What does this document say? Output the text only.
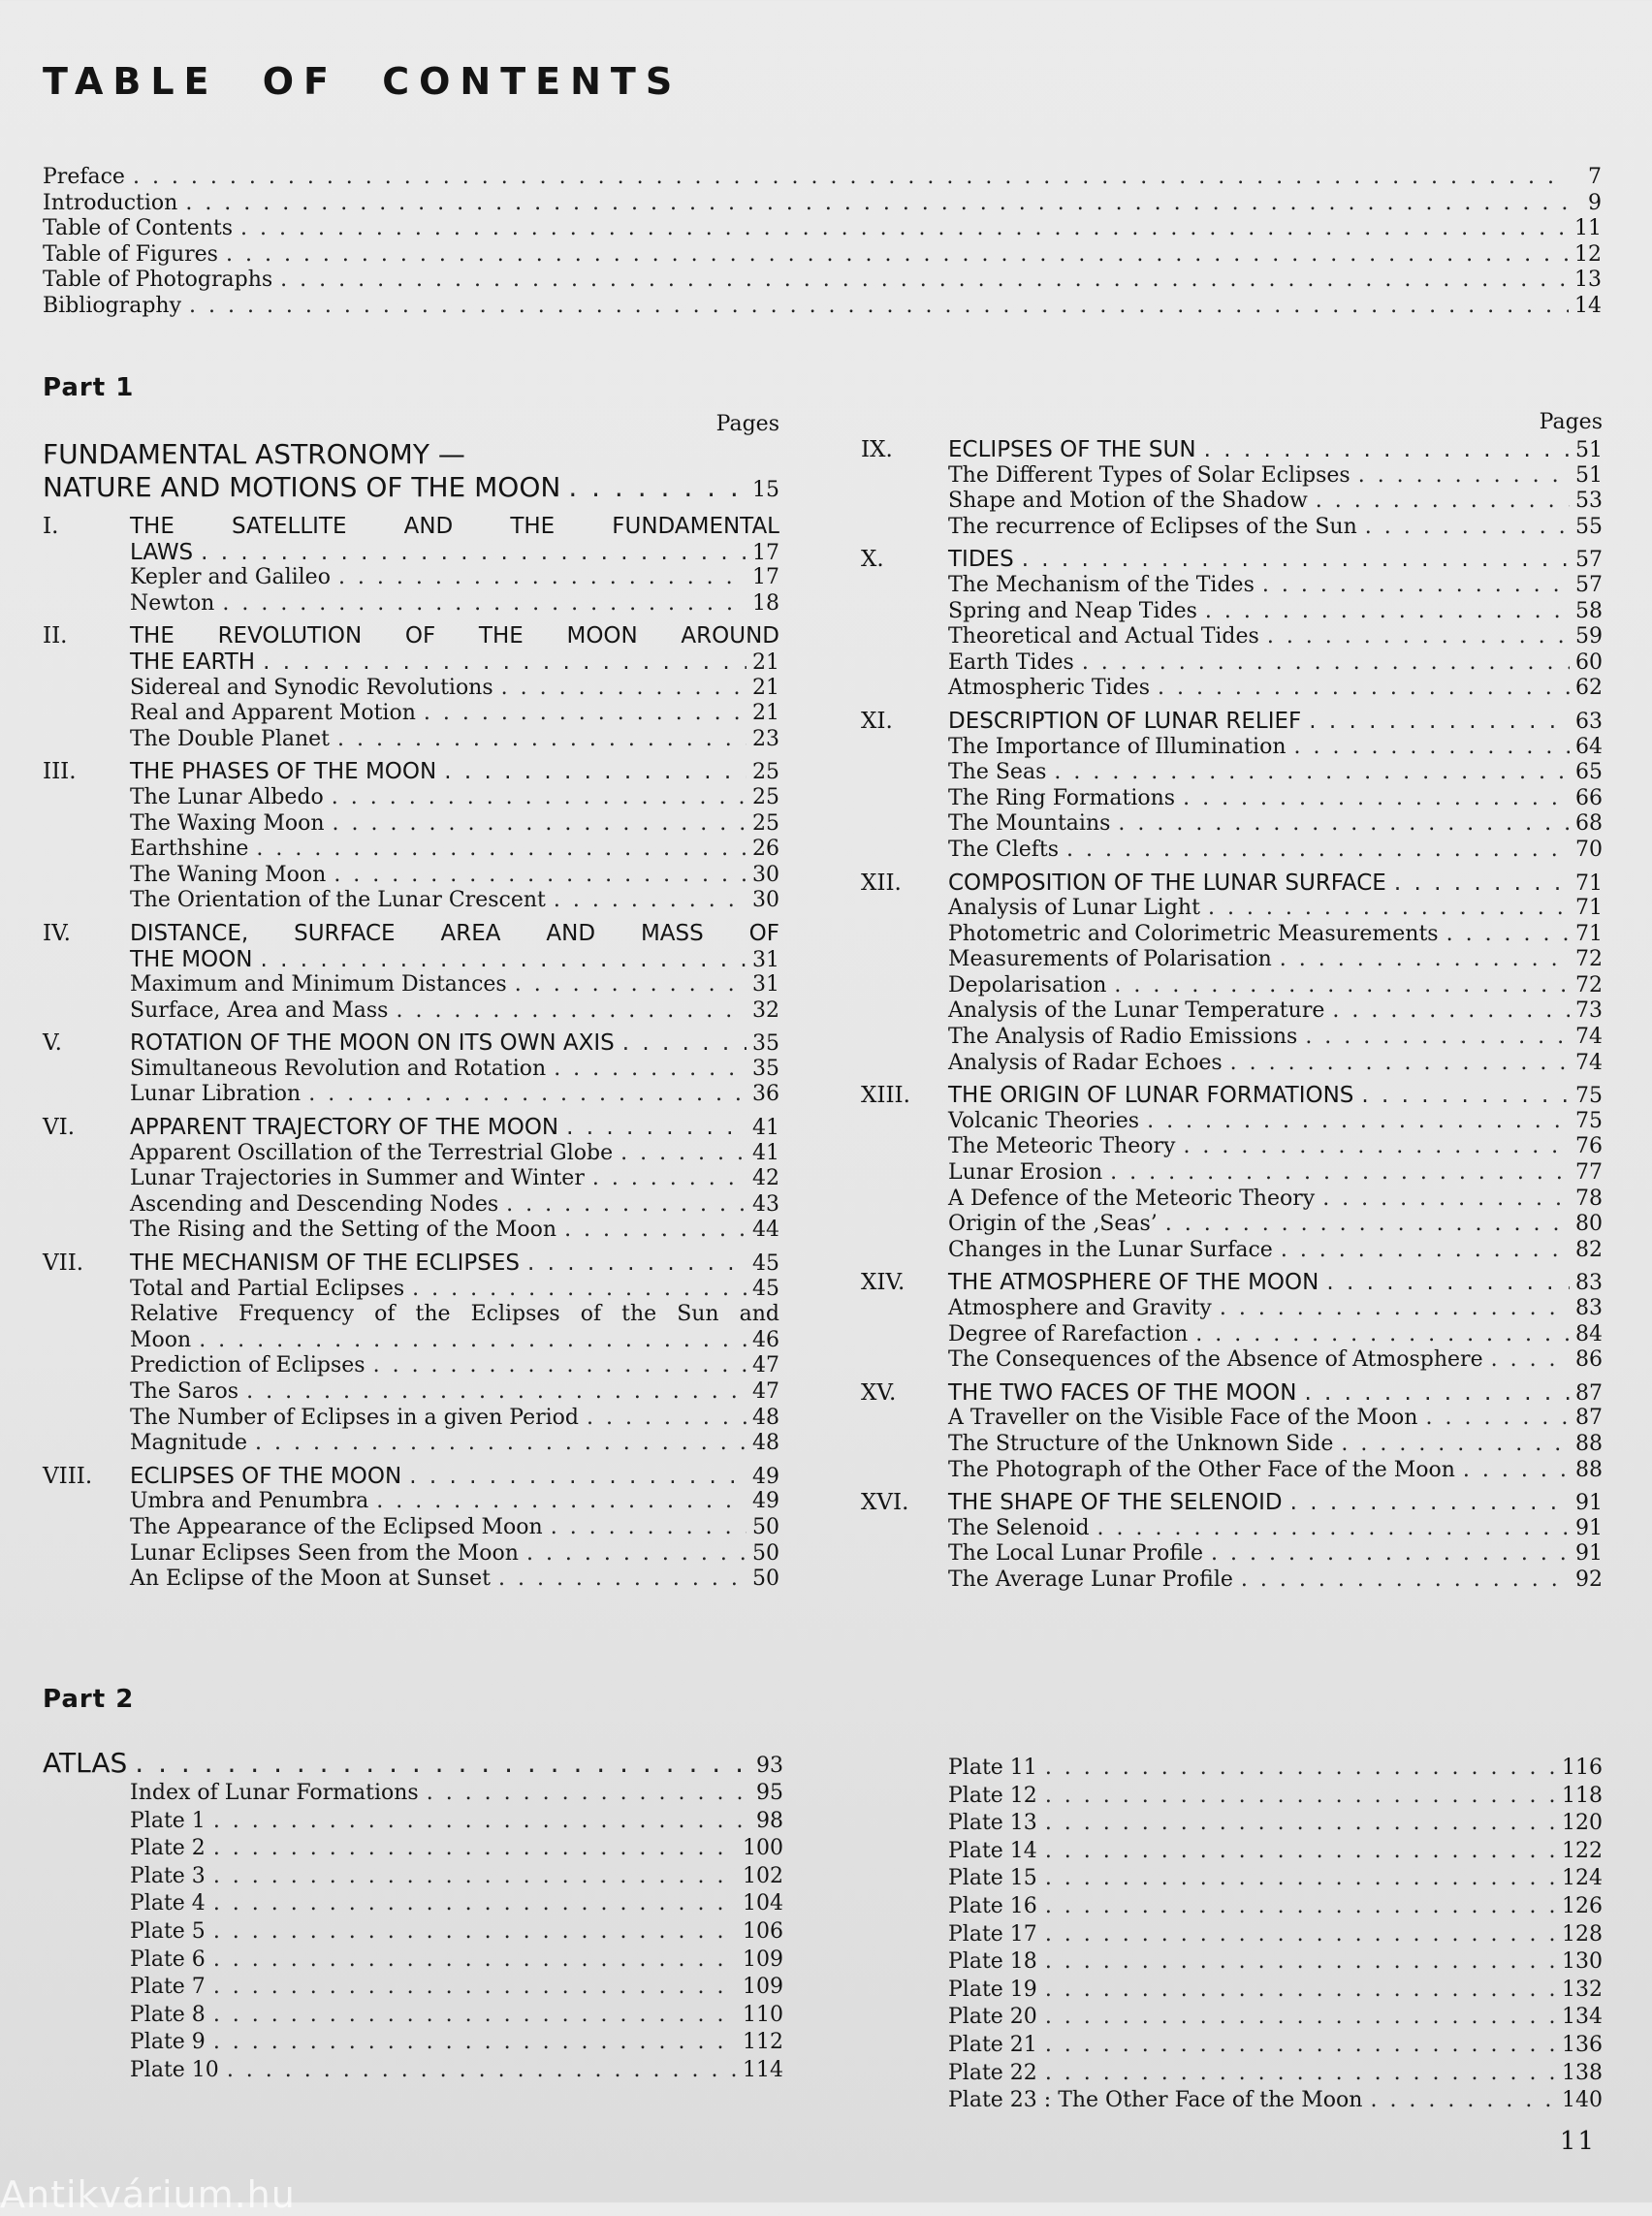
TABLE OF CONTENTS
Preface . . .	7
Introduction . . .	9
Table of Contents . . .	11
Table of Figures . . .	12
Table of Photographs . . .	13
Bibliography . . .	14
Part 1
Pages
FUNDAMENTAL ASTRONOMY —
NATURE AND MOTIONS OF THE MOON . . .	15
I.	THE SATELLITE AND THE FUNDAMENTAL
LAWS . . .	17
Kepler and Galileo . . .	17
Newton . . .	18
II.	THE REVOLUTION OF THE MOON AROUND
THE EARTH . . .	21
Sidereal and Synodic Revolutions . . .	21
Real and Apparent Motion . . .	21
The Double Planet . . .	23
III.	THE PHASES OF THE MOON . . .	25
The Lunar Albedo . . .	25
The Waxing Moon . . .	25
Earthshine . . .	26
The Waning Moon . . .	30
The Orientation of the Lunar Crescent . . .	30
IV.	DISTANCE, SURFACE AREA AND MASS OF
THE MOON . . .	31
Maximum and Minimum Distances . . .	31
Surface, Area and Mass . . .	32
V.	ROTATION OF THE MOON ON ITS OWN AXIS . . .	35
Simultaneous Revolution and Rotation . . .	35
Lunar Libration . . .	36
VI.	APPARENT TRAJECTORY OF THE MOON . . .	41
Apparent Oscillation of the Terrestrial Globe . . .	41
Lunar Trajectories in Summer and Winter . . .	42
Ascending and Descending Nodes . . .	43
The Rising and the Setting of the Moon . . .	44
VII.	THE MECHANISM OF THE ECLIPSES . . .	45
Total and Partial Eclipses . . .	45
Relative Frequency of the Eclipses of the Sun and
Moon . . .	46
Prediction of Eclipses . . .	47
The Saros . . .	47
The Number of Eclipses in a given Period . . .	48
Magnitude . . .	48
VIII.	ECLIPSES OF THE MOON . . .	49
Umbra and Penumbra . . .	49
The Appearance of the Eclipsed Moon . . .	50
Lunar Eclipses Seen from the Moon . . .	50
An Eclipse of the Moon at Sunset . . .	50
Pages
IX.	ECLIPSES OF THE SUN . . .	51
The Different Types of Solar Eclipses . . .	51
Shape and Motion of the Shadow . . .	53
The recurrence of Eclipses of the Sun . . .	55
X.	TIDES . . .	57
The Mechanism of the Tides . . .	57
Spring and Neap Tides . . .	58
Theoretical and Actual Tides . . .	59
Earth Tides . . .	60
Atmospheric Tides . . .	62
XI.	DESCRIPTION OF LUNAR RELIEF . . .	63
The Importance of Illumination . . .	64
The Seas . . .	65
The Ring Formations . . .	66
The Mountains . . .	68
The Clefts . . .	70
XII.	COMPOSITION OF THE LUNAR SURFACE . . .	71
Analysis of Lunar Light . . .	71
Photometric and Colorimetric Measurements . . .	71
Measurements of Polarisation . . .	72
Depolarisation . . .	72
Analysis of the Lunar Temperature . . .	73
The Analysis of Radio Emissions . . .	74
Analysis of Radar Echoes . . .	74
XIII.	THE ORIGIN OF LUNAR FORMATIONS . . .	75
Volcanic Theories . . .	75
The Meteoric Theory . . .	76
Lunar Erosion . . .	77
A Defence of the Meteoric Theory . . .	78
Origin of the ‚Seas’ . . .	80
Changes in the Lunar Surface . . .	82
XIV.	THE ATMOSPHERE OF THE MOON . . .	83
Atmosphere and Gravity . . .	83
Degree of Rarefaction . . .	84
The Consequences of the Absence of Atmosphere . . .	86
XV.	THE TWO FACES OF THE MOON . . .	87
A Traveller on the Visible Face of the Moon . . .	87
The Structure of the Unknown Side . . .	88
The Photograph of the Other Face of the Moon . . .	88
XVI.	THE SHAPE OF THE SELENOID . . .	91
The Selenoid . . .	91
The Local Lunar Profile . . .	91
The Average Lunar Profile . . .	92
Part 2
ATLAS . . .	93
Index of Lunar Formations . . .	95
Plate 1 . . .	98
Plate 2 . . .	100
Plate 3 . . .	102
Plate 4 . . .	104
Plate 5 . . .	106
Plate 6 . . .	109
Plate 7 . . .	109
Plate 8 . . .	110
Plate 9 . . .	112
Plate 10 . . .	114
Plate 11 . . .	116
Plate 12 . . .	118
Plate 13 . . .	120
Plate 14 . . .	122
Plate 15 . . .	124
Plate 16 . . .	126
Plate 17 . . .	128
Plate 18 . . .	130
Plate 19 . . .	132
Plate 20 . . .	134
Plate 21 . . .	136
Plate 22 . . .	138
Plate 23 : The Other Face of the Moon . . .	140
11
Antikvárium.hu
